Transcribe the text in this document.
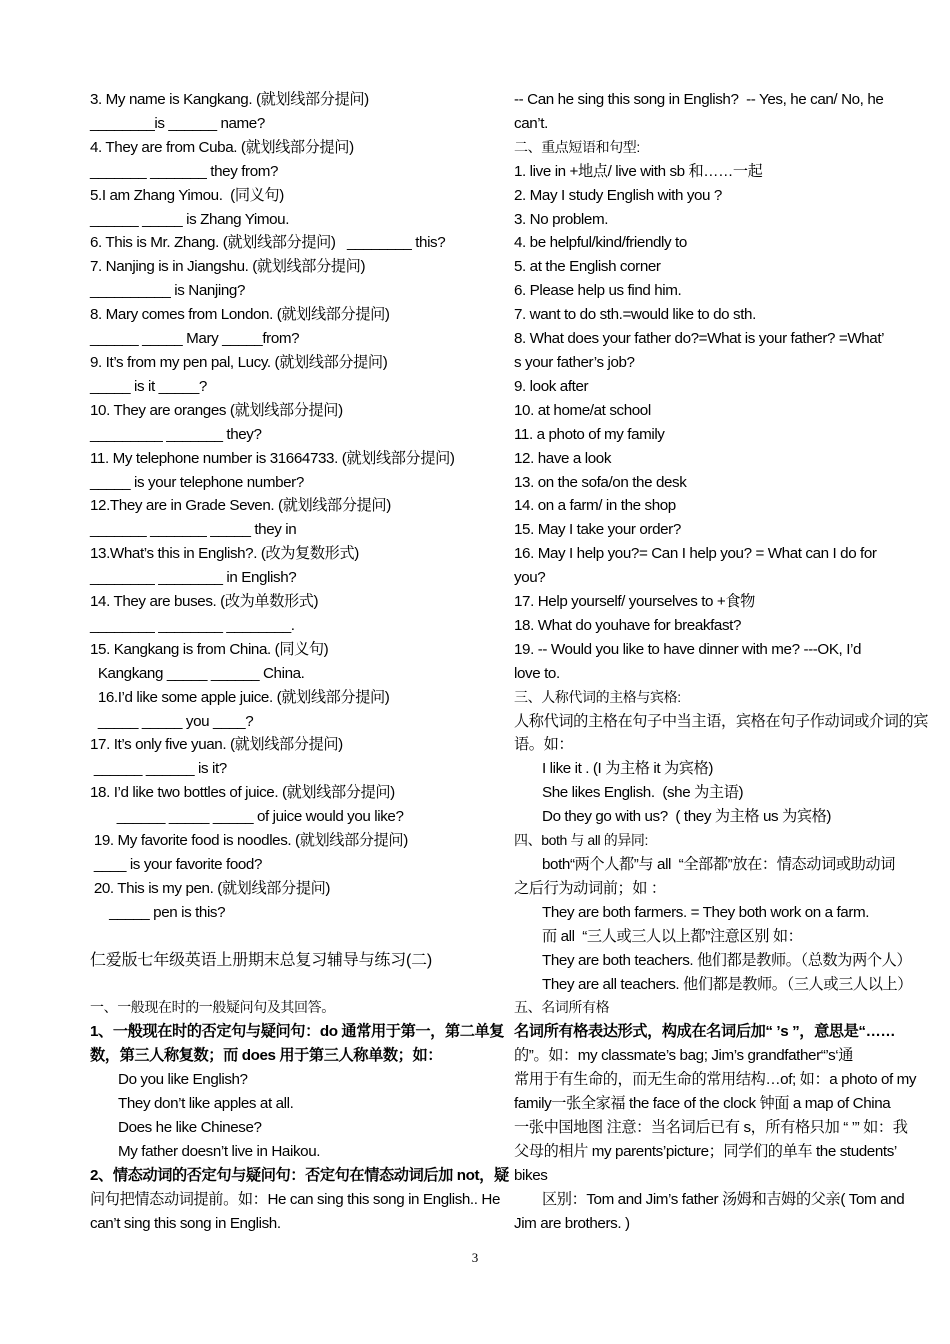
3. My name is Kangkang. (就划线部分提问)
________is ______ name?
4. They are from Cuba. (就划线部分提问)
_______ _______ they from?
5.I am Zhang Yimou.  (同义句)
______ _____ is Zhang Yimou.
6. This is Mr. Zhang. (就划线部分提问)   ________ this?
7. Nanjing is in Jiangshu. (就划线部分提问)
__________ is Nanjing?
8. Mary comes from London. (就划线部分提问)
______ _____ Mary _____from?
9. It’s from my pen pal, Lucy. (就划线部分提问)
_____ is it _____?
10. They are oranges (就划线部分提问)
_________ _______ they?
11. My telephone number is 31664733. (就划线部分提问)
_____ is your telephone number?
12.They are in Grade Seven. (就划线部分提问)
_______ _______ _____ they in
13.What’s this in English?. (改为复数形式)
________ ________ in English?
14. They are buses. (改为单数形式)
________ ________ ________.
15. Kangkang is from China. (同义句)
Kangkang _____ ______ China.
16.I’d like some apple juice. (就划线部分提问)
_____ _____ you ____?
17. It’s only five yuan. (就划线部分提问)
______ ______ is it?
18. I’d like two bottles of juice. (就划线部分提问)
______ _____ _____ of juice would you like?
19. My favorite food is noodles. (就划线部分提问)
____ is your favorite food?
20. This is my pen. (就划线部分提问)
_____ pen is this?
仁爱版七年级英语上册期末总复习辅导与练习(二)
一、一般现在时的一般疑问句及其回答。
1、一般现在时的否定句与疑问句：do 通常用于第一，第二单复
数，第三人称复数；而 does 用于第三人称单数；如：
Do you like English?
They don’t like apples at all.
Does he like Chinese?
My father doesn’t live in Haikou.
2、情态动词的否定句与疑问句：否定句在情态动词后加 not，疑
问句把情态动词提前。如：He can sing this song in English.. He
can’t sing this song in English.
-- Can he sing this song in English?  -- Yes, he can/ No, he
can’t.
二、重点短语和句型:
1. live in +地点/ live with sb 和……一起
2. May I study English with you ?
3. No problem.
4. be helpful/kind/friendly to
5. at the English corner
6. Please help us find him.
7. want to do sth.=would like to do sth.
8. What does your father do?=What is your father? =What’
s your father’s job?
9. look after
10. at home/at school
11. a photo of my family
12. have a look
13. on the sofa/on the desk
14. on a farm/ in the shop
15. May I take your order?
16. May I help you?= Can I help you? = What can I do for
you?
17. Help yourself/ yourselves to +食物
18. What do youhave for breakfast?
19. -- Would you like to have dinner with me? ---OK, I’d
love to.
三、人称代词的主格与宾格:
人称代词的主格在句子中当主语，宾格在句子作动词或介词的宾
语。如：
I like it . (I 为主格 it 为宾格)
She likes English.  (she 为主语)
Do they go with us?  ( they 为主格 us 为宾格)
四、both 与 all 的异同:
both“两个人都”与 all  “全部都”放在：情态动词或助动词
之后行为动词前；如 ：
They are both farmers. = They both work on a farm.
而 all  “三人或三人以上都”注意区别 如：
They are both teachers. 他们都是教师。（总数为两个人）
They are all teachers. 他们都是教师。（三人或三人以上）
五、名词所有格
名词所有格表达形式，构成在名词后加“ ’s ”，意思是“……
的”。如：my classmate’s bag; Jim’s grandfather“’s‘通
常用于有生命的，而无生命的常用结构…of; 如：a photo of my
family一张全家福 the face of the clock 钟面 a map of China
一张中国地图 注意：当名词后已有 s，所有格只加 “ ’” 如：我
父母的相片 my parents’picture；同学们的单车 the students’
bikes
区别：Tom and Jim’s father 汤姆和吉姆的父亲( Tom and
Jim are brothers. )
3
